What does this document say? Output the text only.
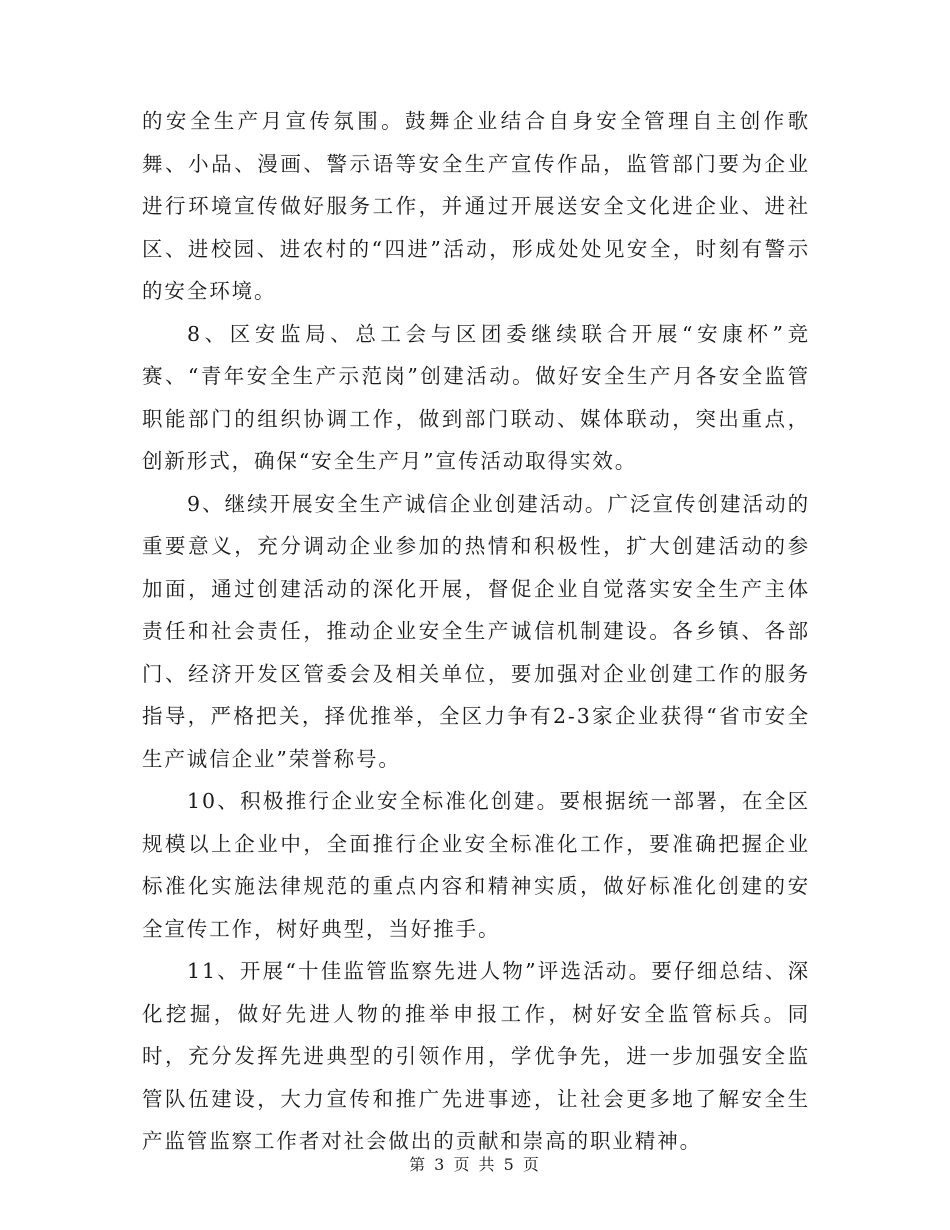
的安全生产月宣传氛围。鼓舞企业结合自身安全管理自主创作歌舞、小品、漫画、警示语等安全生产宣传作品，监管部门要为企业进行环境宣传做好服务工作，并通过开展送安全文化进企业、进社区、进校园、进农村的“四进”活动，形成处处见安全，时刻有警示的安全环境。

8、区安监局、总工会与区团委继续联合开展“安康杯”竞赛、“青年安全生产示范岗”创建活动。做好安全生产月各安全监管职能部门的组织协调工作，做到部门联动、媒体联动，突出重点，创新形式，确保“安全生产月”宣传活动取得实效。

9、继续开展安全生产诚信企业创建活动。广泛宣传创建活动的重要意义，充分调动企业参加的热情和积极性，扩大创建活动的参加面，通过创建活动的深化开展，督促企业自觉落实安全生产主体责任和社会责任，推动企业安全生产诚信机制建设。各乡镇、各部门、经济开发区管委会及相关单位，要加强对企业创建工作的服务指导，严格把关，择优推举，全区力争有2-3家企业获得“省市安全生产诚信企业”荣誉称号。

10、积极推行企业安全标准化创建。要根据统一部署，在全区规模以上企业中，全面推行企业安全标准化工作，要准确把握企业标准化实施法律规范的重点内容和精神实质，做好标准化创建的安全宣传工作，树好典型，当好推手。

11、开展“十佳监管监察先进人物”评选活动。要仔细总结、深化挖掘，做好先进人物的推举申报工作，树好安全监管标兵。同时，充分发挥先进典型的引领作用，学优争先，进一步加强安全监管队伍建设，大力宣传和推广先进事迹，让社会更多地了解安全生产监管监察工作者对社会做出的贡献和崇高的职业精神。

第 3 页 共 5 页
